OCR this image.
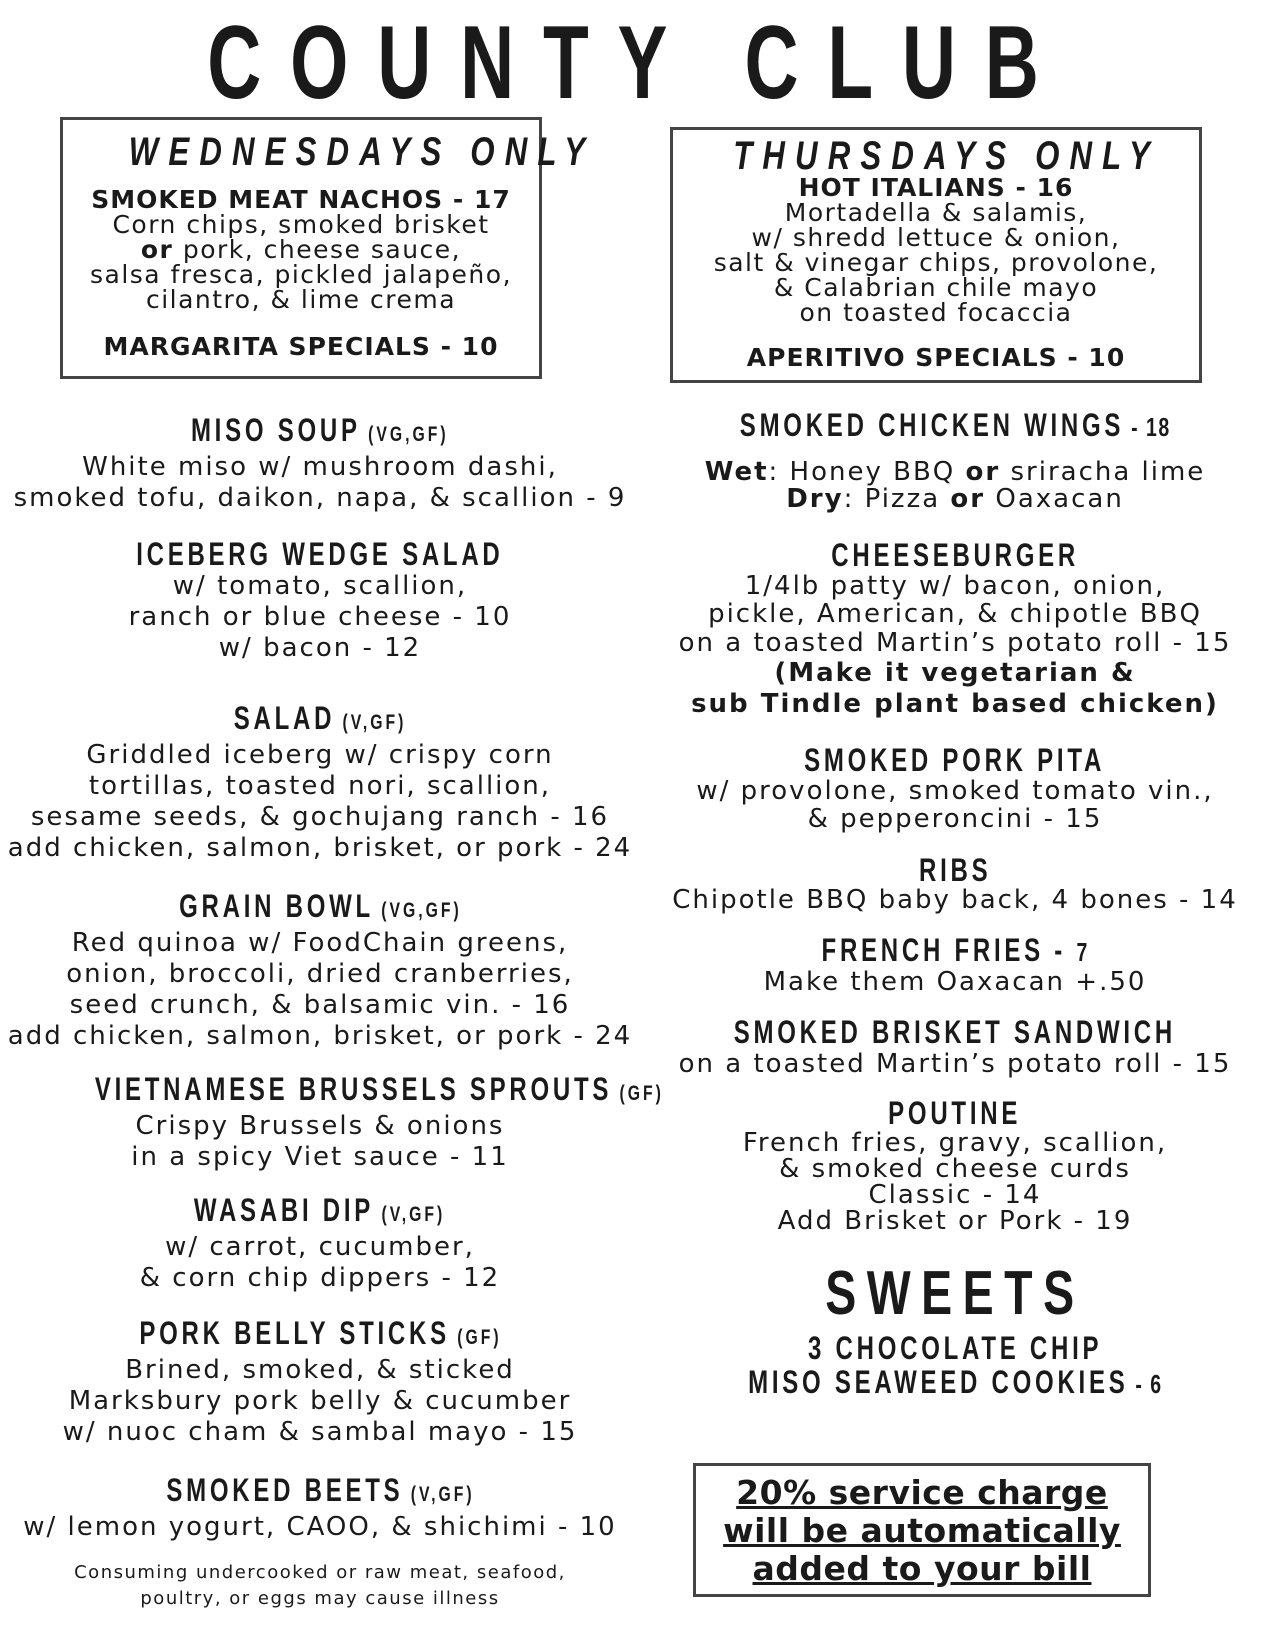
COUNTY CLUB
WEDNESDAYS ONLY

SMOKED MEAT NACHOS - 17

Corn chips, smoked brisket

or pork, cheese sauce,

salsa fresca, pickled jalapeño,

cilantro, & lime crema

MARGARITA SPECIALS - 10

THURSDAYS ONLY

HOT ITALIANS - 16

Mortadella & salamis,

w/ shredd lettuce & onion,

salt & vinegar chips, provolone,

& Calabrian chile mayo

on toasted focaccia

APERITIVO SPECIALS - 10

MISO SOUP (VG,GF)

White miso w/ mushroom dashi,

smoked tofu, daikon, napa, & scallion - 9

ICEBERG WEDGE SALAD

w/ tomato, scallion,

ranch or blue cheese - 10

w/ bacon - 12

SALAD (V,GF)

Griddled iceberg w/ crispy corn

tortillas, toasted nori, scallion,

sesame seeds, & gochujang ranch - 16

add chicken, salmon, brisket, or pork - 24

GRAIN BOWL (VG,GF)

Red quinoa w/ FoodChain greens,

onion, broccoli, dried cranberries,

seed crunch, & balsamic vin. - 16

add chicken, salmon, brisket, or pork - 24

VIETNAMESE BRUSSELS SPROUTS (GF)

Crispy Brussels & onions

in a spicy Viet sauce - 11

WASABI DIP (V,GF)

w/ carrot, cucumber,

& corn chip dippers - 12

PORK BELLY STICKS (GF)

Brined, smoked, & sticked

Marksbury pork belly & cucumber

w/ nuoc cham & sambal mayo - 15

SMOKED BEETS (V,GF)

w/ lemon yogurt, CAOO, & shichimi - 10

Consuming undercooked or raw meat, seafood,

poultry, or eggs may cause illness

SMOKED CHICKEN WINGS - 18

Wet: Honey BBQ or sriracha lime

Dry: Pizza or Oaxacan

CHEESEBURGER

1/4lb patty w/ bacon, onion,

pickle, American, & chipotle BBQ

on a toasted Martin’s potato roll - 15

(Make it vegetarian &

sub Tindle plant based chicken)

SMOKED PORK PITA

w/ provolone, smoked tomato vin.,

& pepperoncini - 15

RIBS

Chipotle BBQ baby back, 4 bones - 14

FRENCH FRIES - 7

Make them Oaxacan +.50

SMOKED BRISKET SANDWICH

on a toasted Martin’s potato roll - 15

POUTINE

French fries, gravy, scallion,

& smoked cheese curds

Classic - 14

Add Brisket or Pork - 19

SWEETS
3 CHOCOLATE CHIP
MISO SEAWEED COOKIES - 6

20% service charge

will be automatically

added to your bill
